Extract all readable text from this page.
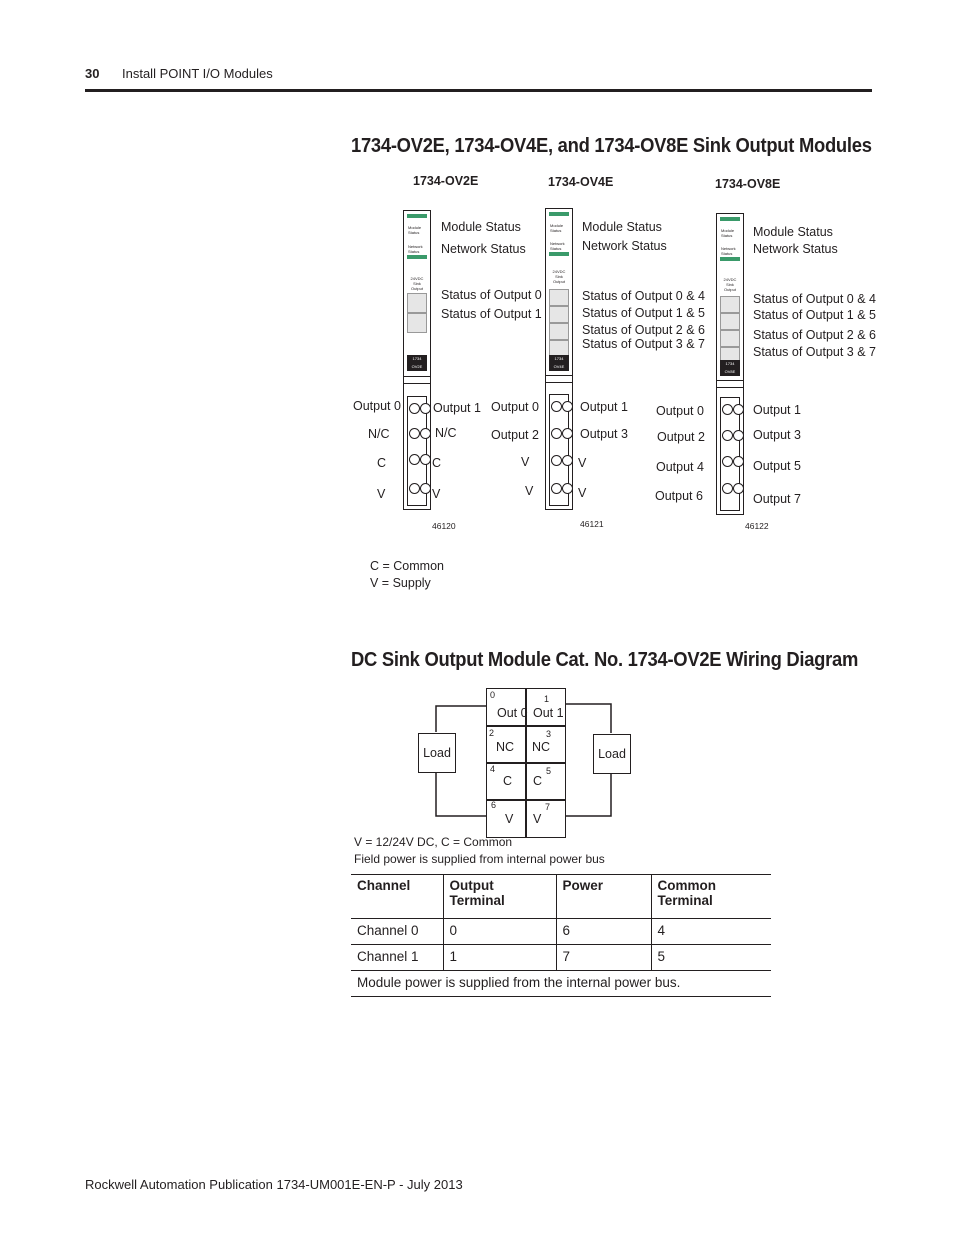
30 Install POINT I/O Modules
1734-OV2E, 1734-OV4E, and 1734-OV8E Sink Output Modules
1734-OV2E	1734-OV4E	1734-OV8E
Module Status
Network Status
24VDC Sink Output
1734 OV2E
Module Status
Network Status
24VDC Sink Output
1734 OV4E
Module Status
Network Status
24VDC Sink Output
1734 OV8E
Module Status
Network Status
Status of Output 0
Status of Output 1
Output 0
N/C
C
V
Output 1
N/C
C
V
46120
Module Status
Network Status
Status of Output 0 & 4
Status of Output 1 & 5
Status of Output 2 & 6
Status of Output 3 & 7
Output 0
Output 2
V
V
Output 1
Output 3
V
V
46121
Module Status
Network Status
Status of Output 0 & 4
Status of Output 1 & 5
Status of Output 2 & 6
Status of Output 3 & 7
Output 0
Output 2
Output 4
Output 6
Output 1
Output 3
Output 5
Output 7
46122
C = Common
V = Supply
DC Sink Output Module Cat. No. 1734-OV2E Wiring Diagram
0
Out 0
1
Out 1
2
NC
3
NC
4
C
5
C
6
V
7
V
Load	Load
V = 12/24V DC, C = Common
Field power is supplied from internal power bus
Channel	Output Terminal	Power	Common Terminal
Channel 0	0	6	4
Channel 1	1	7	5
Module power is supplied from the internal power bus.			
Rockwell Automation Publication 1734-UM001E-EN-P - July 2013
